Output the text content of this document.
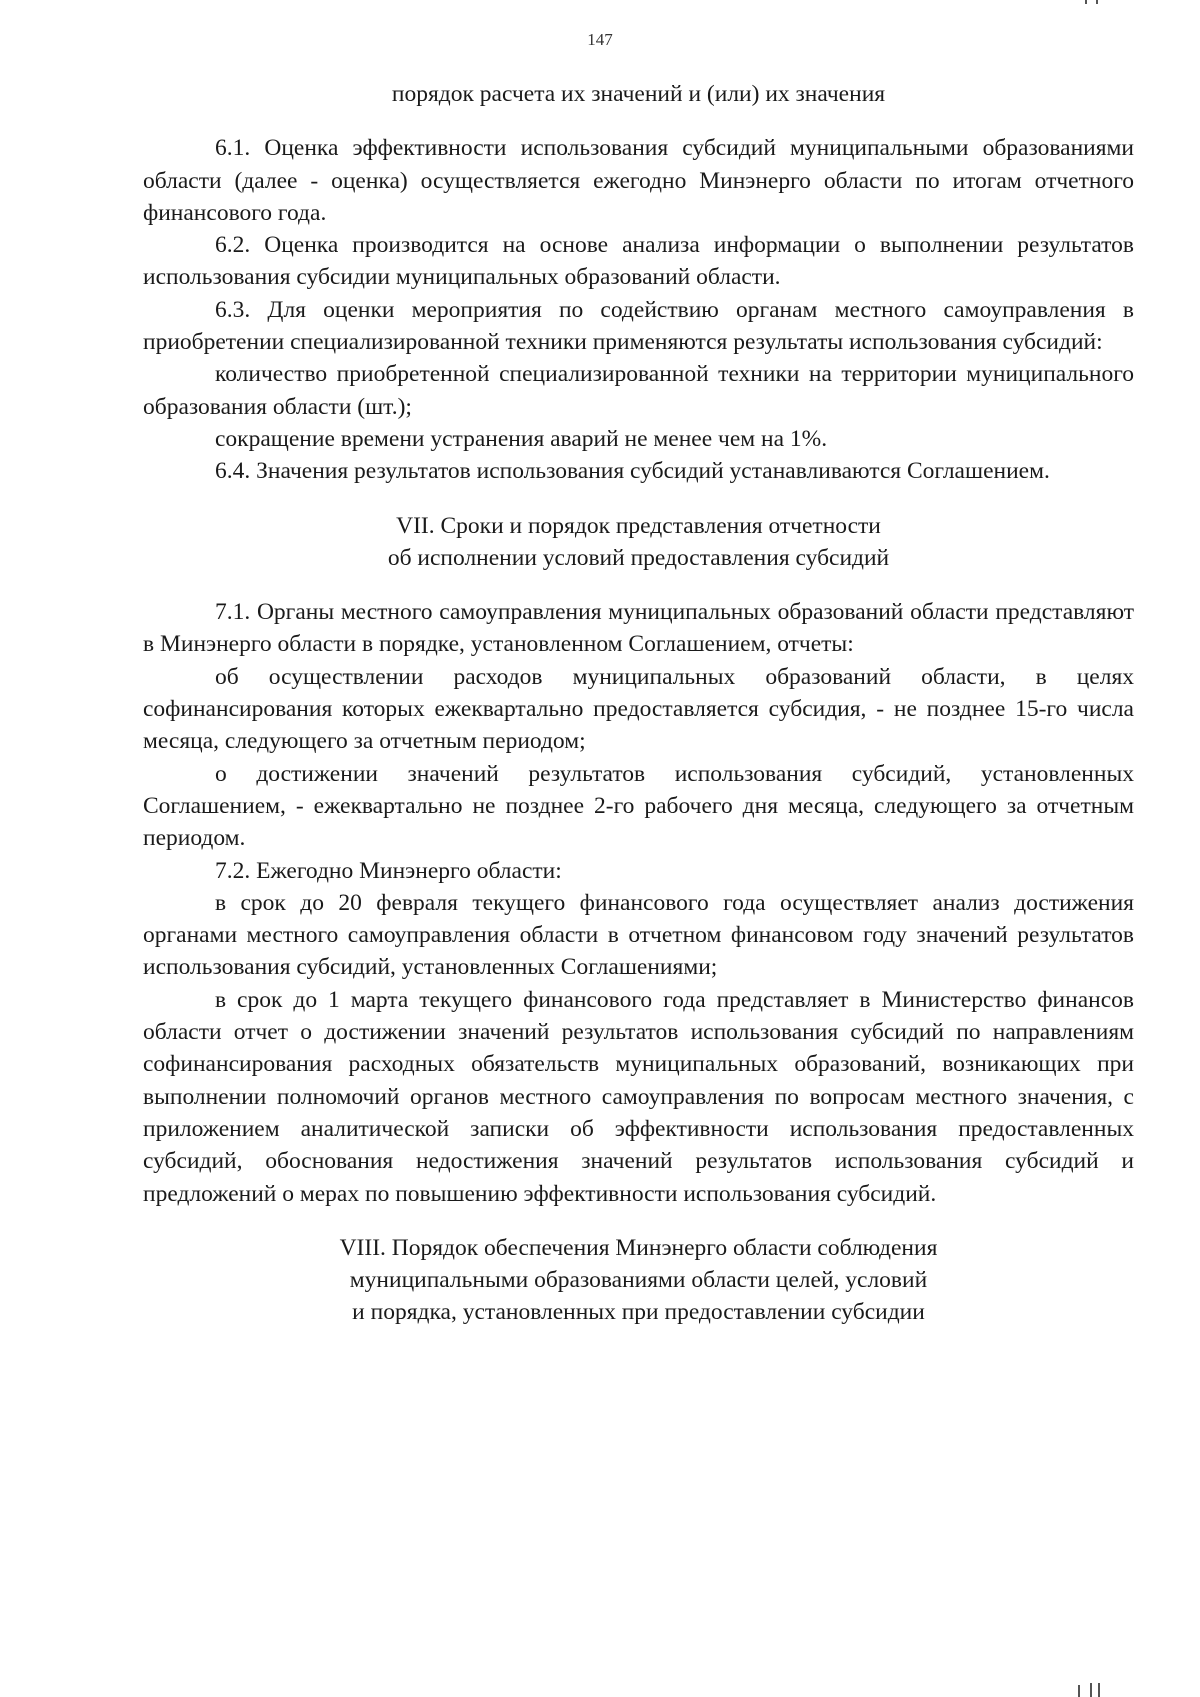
147
порядок расчета их значений и (или) их значения

6.1. Оценка эффективности использования субсидий муниципальными образованиями области (далее - оценка) осуществляется ежегодно Минэнерго области по итогам отчетного финансового года.

6.2. Оценка производится на основе анализа информации о выполнении результатов использования субсидии муниципальных образований области.

6.3. Для оценки мероприятия по содействию органам местного самоуправления в приобретении специализированной техники применяются результаты использования субсидий:

количество приобретенной специализированной техники на территории муниципального образования области (шт.);

сокращение времени устранения аварий не менее чем на 1%.

6.4. Значения результатов использования субсидий устанавливаются Соглашением.

VII. Сроки и порядок представления отчетности
об исполнении условий предоставления субсидий

7.1. Органы местного самоуправления муниципальных образований области представляют в Минэнерго области в порядке, установленном Соглашением, отчеты:

об осуществлении расходов муниципальных образований области, в целях софинансирования которых ежеквартально предоставляется субсидия, - не позднее 15-го числа месяца, следующего за отчетным периодом;

о достижении значений результатов использования субсидий, установленных Соглашением, - ежеквартально не позднее 2-го рабочего дня месяца, следующего за отчетным периодом.

7.2. Ежегодно Минэнерго области:

в срок до 20 февраля текущего финансового года осуществляет анализ достижения органами местного самоуправления области в отчетном финансовом году значений результатов использования субсидий, установленных Соглашениями;

в срок до 1 марта текущего финансового года представляет в Министерство финансов области отчет о достижении значений результатов использования субсидий по направлениям софинансирования расходных обязательств муниципальных образований, возникающих при выполнении полномочий органов местного самоуправления по вопросам местного значения, с приложением аналитической записки об эффективности использования предоставленных субсидий, обоснования недостижения значений результатов использования субсидий и предложений о мерах по повышению эффективности использования субсидий.

VIII. Порядок обеспечения Минэнерго области соблюдения
муниципальными образованиями области целей, условий
и порядка, установленных при предоставлении субсидии
